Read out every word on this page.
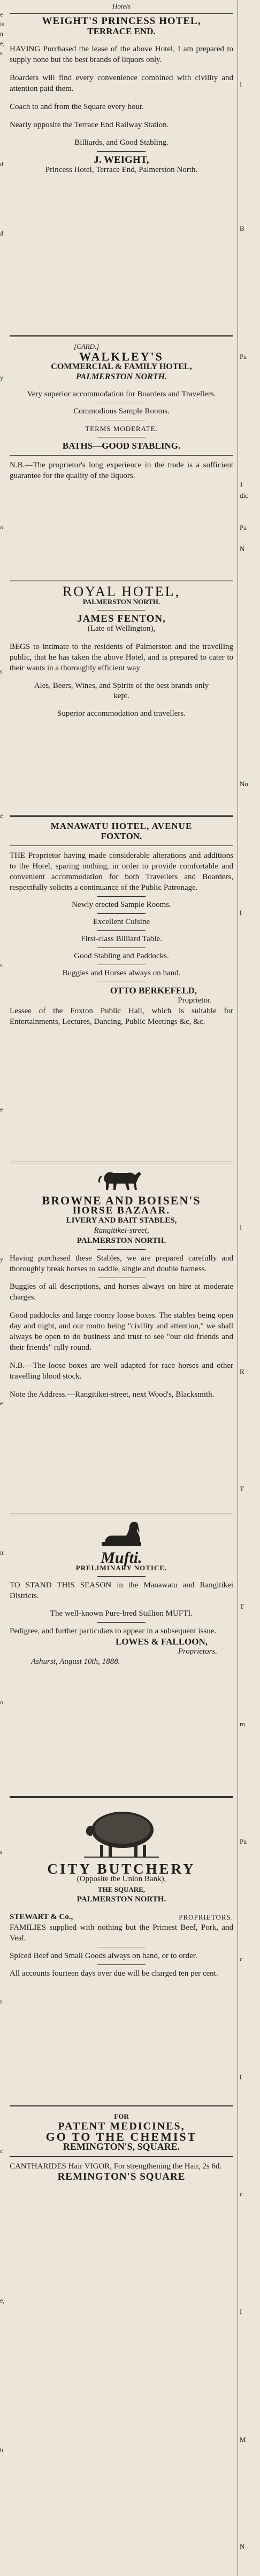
e
is
n
e,
s
d
d
y
o
s
e
s
e
y
e
it
o
s
s
c
e,
h
I
B
Pa
J
dic
Pa
N
No
(
I
R
T
T
m
Pa
c
(
c
I
M
N

Hotels

WEIGHT'S PRINCESS HOTEL,

TERRACE END.

HAVING Purchased the lease of the above Hotel, I am prepared to supply none but the best brands of liquors only.

Boarders will find every convenience combined with civility and attention paid them.

Coach to and from the Square every hour.

Nearly opposite the Terrace End Railway Station.

Billiards, and Good Stabling.

J. WEIGHT,

Princess Hotel, Terrace End, Palmerston North.

[CARD.]

WALKLEY'S

COMMERCIAL & FAMILY HOTEL,

PALMERSTON NORTH.

Very superior accommodation for Boarders and Travellers.

Commodious Sample Rooms.

TERMS MODERATE.

BATHS—GOOD STABLING.

N.B.—The proprietor's long experience in the trade is a sufficient guarantee for the quality of the liquors.

ROYAL HOTEL,

PALMERSTON NORTH.

JAMES FENTON,

(Late of Wellington),

BEGS to intimate to the residents of Palmerston and the travelling public, that he has taken the above Hotel, and is prepared to cater to their wants in a thoroughly efficient way

Ales, Beers, Wines, and Spirits of the best brands only kept.

Superior accommodation and travellers.

MANAWATU HOTEL, AVENUE

FOXTON.

THE Proprietor having made considerable alterations and additions to the Hotel, sparing nothing, in order to provide comfortable and convenient accommodation for both Travellers and Boarders, respectfully solicits a continuance of the Public Patronage.

Newly erected Sample Rooms.

Excellent Cuisine

First-class Billiard Table.

Good Stabling and Paddocks.

Buggies and Horses always on hand.

OTTO BERKEFELD,

Proprietor.

Lessee of the Foxton Public Hall, which is suitable for Entertainments, Lectures, Dancing, Public Meetings &c, &c.

BROWNE AND BOISEN'S

HORSE BAZAAR.

LIVERY AND BAIT STABLES,

Rangitikei-street,

PALMERSTON NORTH.

Having purchased these Stables, we are prepared carefully and thoroughly break horses to saddle, single and double harness.

Buggies of all descriptions, and horses always on hire at moderate charges.

Good paddocks and large roomy loose boxes. The stables being open day and night, and our motto being "civility and attention," we shall always be open to do business and trust to see "our old friends and their friends" rally round.

N.B.—The loose boxes are well adapted for race horses and other travelling blood stock.

Note the Address.—Rangitikei-street, next Wood's, Blacksmith.

Mufti.

PRELIMINARY NOTICE.

TO STAND THIS SEASON in the Manawatu and Rangitikei Districts.

The well-known Pure-bred Stallion MUFTI.

Pedigree, and further particulars to appear in a subsequent issue.

LOWES & FALLOON,

Proprietors.

Ashurst, August 10th, 1888.

CITY BUTCHERY

(Opposite the Union Bank),

THE SQUARE,

PALMERSTON NORTH.

STEWART & Co.,	PROPRIETORS.

FAMILIES supplied with nothing but the Primest Beef, Pork, and Veal.

Spiced Beef and Small Goods always on hand, or to order.

All accounts fourteen days over due will be charged ten per cent.

FOR

PATENT MEDICINES,

GO TO THE CHEMIST

REMINGTON'S, SQUARE.

CANTHARIDES Hair VIGOR, For strengthening the Hair, 2s 6d.

REMINGTON'S SQUARE
